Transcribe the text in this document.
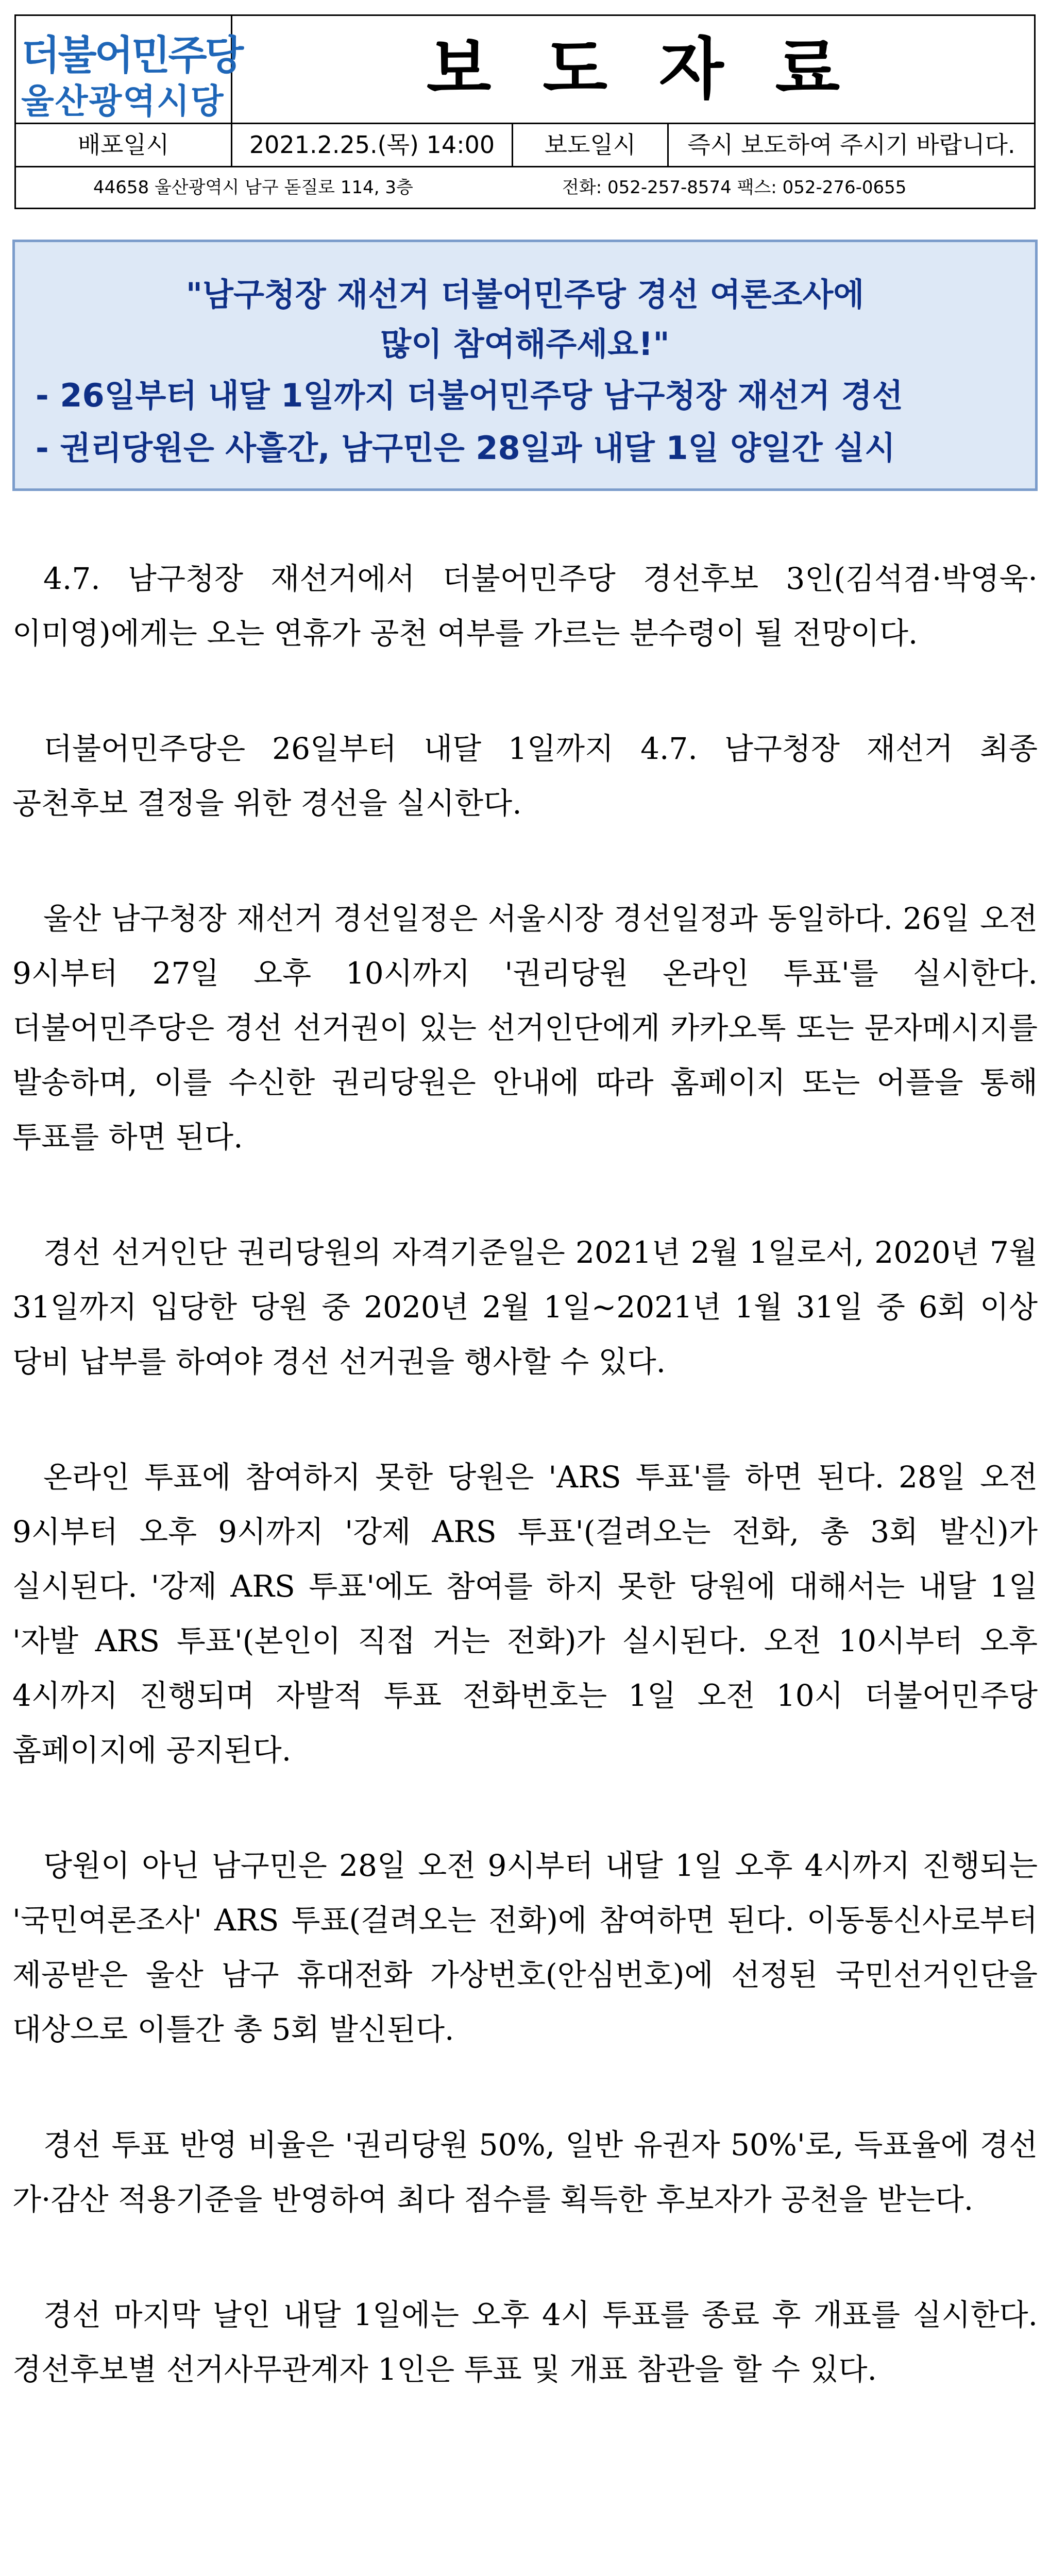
더불어민주당
울산광역시당	보도자료
배포일시	2021.2.25.(목) 14:00	보도일시	즉시 보도하여 주시기 바랍니다.
44658 울산광역시 남구 돋질로 114, 3층	전화: 052-257-8574 팩스: 052-276-0655
"남구청장 재선거 더불어민주당 경선 여론조사에
많이 참여해주세요!"
- 26일부터 내달 1일까지 더불어민주당 남구청장 재선거 경선
- 권리당원은 사흘간, 남구민은 28일과 내달 1일 양일간 실시

4.7. 남구청장 재선거에서 더불어민주당 경선후보 3인(김석겸·박영욱·이미영)에게는 오는 연휴가 공천 여부를 가르는 분수령이 될 전망이다.

더불어민주당은 26일부터 내달 1일까지 4.7. 남구청장 재선거 최종 공천후보 결정을 위한 경선을 실시한다.

울산 남구청장 재선거 경선일정은 서울시장 경선일정과 동일하다. 26일 오전 9시부터 27일 오후 10시까지 '권리당원 온라인 투표'를 실시한다. 더불어민주당은 경선 선거권이 있는 선거인단에게 카카오톡 또는 문자메시지를 발송하며, 이를 수신한 권리당원은 안내에 따라 홈페이지 또는 어플을 통해 투표를 하면 된다.

경선 선거인단 권리당원의 자격기준일은 2021년 2월 1일로서, 2020년 7월 31일까지 입당한 당원 중 2020년 2월 1일~2021년 1월 31일 중 6회 이상 당비 납부를 하여야 경선 선거권을 행사할 수 있다.

온라인 투표에 참여하지 못한 당원은 'ARS 투표'를 하면 된다. 28일 오전 9시부터 오후 9시까지 '강제 ARS 투표'(걸려오는 전화, 총 3회 발신)가 실시된다. '강제 ARS 투표'에도 참여를 하지 못한 당원에 대해서는 내달 1일 '자발 ARS 투표'(본인이 직접 거는 전화)가 실시된다. 오전 10시부터 오후 4시까지 진행되며 자발적 투표 전화번호는 1일 오전 10시 더불어민주당 홈페이지에 공지된다.

당원이 아닌 남구민은 28일 오전 9시부터 내달 1일 오후 4시까지 진행되는 '국민여론조사' ARS 투표(걸려오는 전화)에 참여하면 된다. 이동통신사로부터 제공받은 울산 남구 휴대전화 가상번호(안심번호)에 선정된 국민선거인단을 대상으로 이틀간 총 5회 발신된다.

경선 투표 반영 비율은 '권리당원 50%, 일반 유권자 50%'로, 득표율에 경선 가·감산 적용기준을 반영하여 최다 점수를 획득한 후보자가 공천을 받는다.

경선 마지막 날인 내달 1일에는 오후 4시 투표를 종료 후 개표를 실시한다. 경선후보별 선거사무관계자 1인은 투표 및 개표 참관을 할 수 있다.
